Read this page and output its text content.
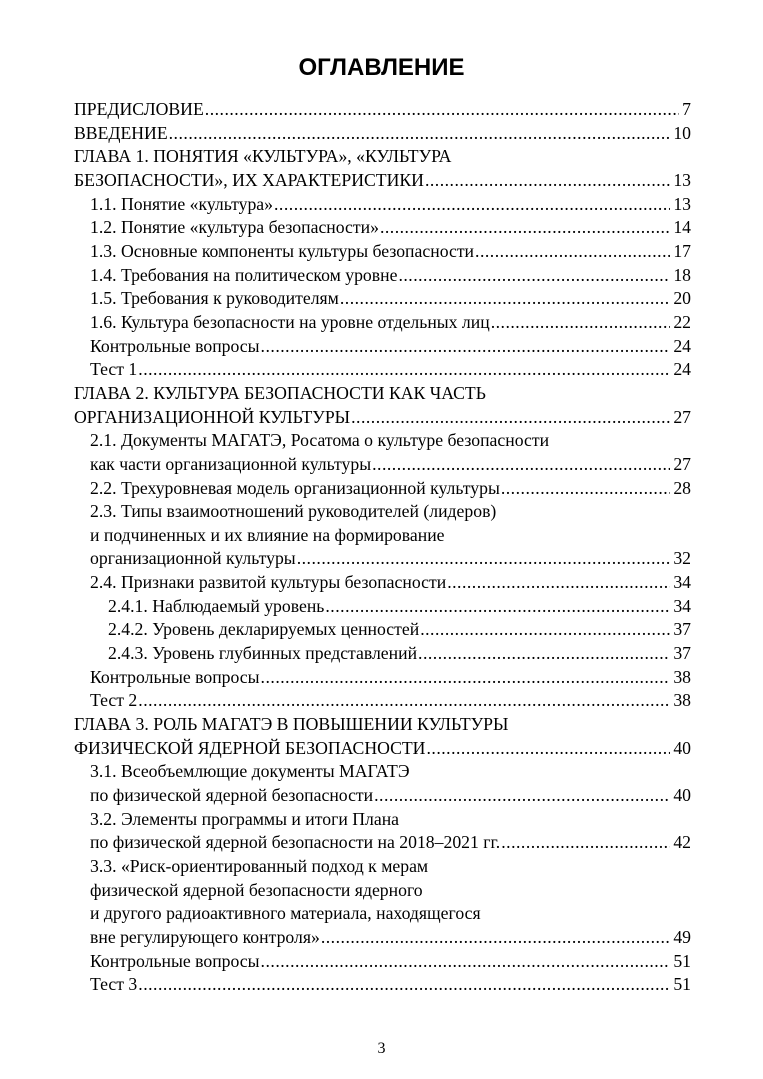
ОГЛАВЛЕНИЕ
ПРЕДИСЛОВИЕ .....	7
ВВЕДЕНИЕ .....	10
ГЛАВА 1. ПОНЯТИЯ «КУЛЬТУРА», «КУЛЬТУРА
БЕЗОПАСНОСТИ», ИХ ХАРАКТЕРИСТИКИ .....	13
1.1. Понятие «культура» .....	13
1.2. Понятие «культура безопасности» .....	14
1.3. Основные компоненты культуры безопасности .....	17
1.4. Требования на политическом уровне .....	18
1.5. Требования к руководителям .....	20
1.6. Культура безопасности на уровне отдельных лиц .....	22
Контрольные вопросы .....	24
Тест 1 .....	24
ГЛАВА 2. КУЛЬТУРА БЕЗОПАСНОСТИ КАК ЧАСТЬ
ОРГАНИЗАЦИОННОЙ КУЛЬТУРЫ .....	27
2.1. Документы МАГАТЭ, Росатома о культуре безопасности
как части организационной культуры .....	27
2.2. Трехуровневая модель организационной культуры .....	28
2.3. Типы взаимоотношений руководителей (лидеров)
и подчиненных и их влияние на формирование
организационной культуры .....	32
2.4. Признаки развитой культуры безопасности .....	34
2.4.1. Наблюдаемый уровень .....	34
2.4.2. Уровень декларируемых ценностей .....	37
2.4.3. Уровень глубинных представлений .....	37
Контрольные вопросы .....	38
Тест 2 .....	38
ГЛАВА 3. РОЛЬ МАГАТЭ В ПОВЫШЕНИИ КУЛЬТУРЫ
ФИЗИЧЕСКОЙ ЯДЕРНОЙ БЕЗОПАСНОСТИ .....	40
3.1. Всеобъемлющие документы МАГАТЭ
по физической ядерной безопасности .....	40
3.2. Элементы программы и итоги Плана
по физической ядерной безопасности на 2018–2021 гг. .....	42
3.3. «Риск-ориентированный подход к мерам
физической ядерной безопасности ядерного
и другого радиоактивного материала, находящегося
вне регулирующего контроля» .....	49
Контрольные вопросы .....	51
Тест 3 .....	51
3
